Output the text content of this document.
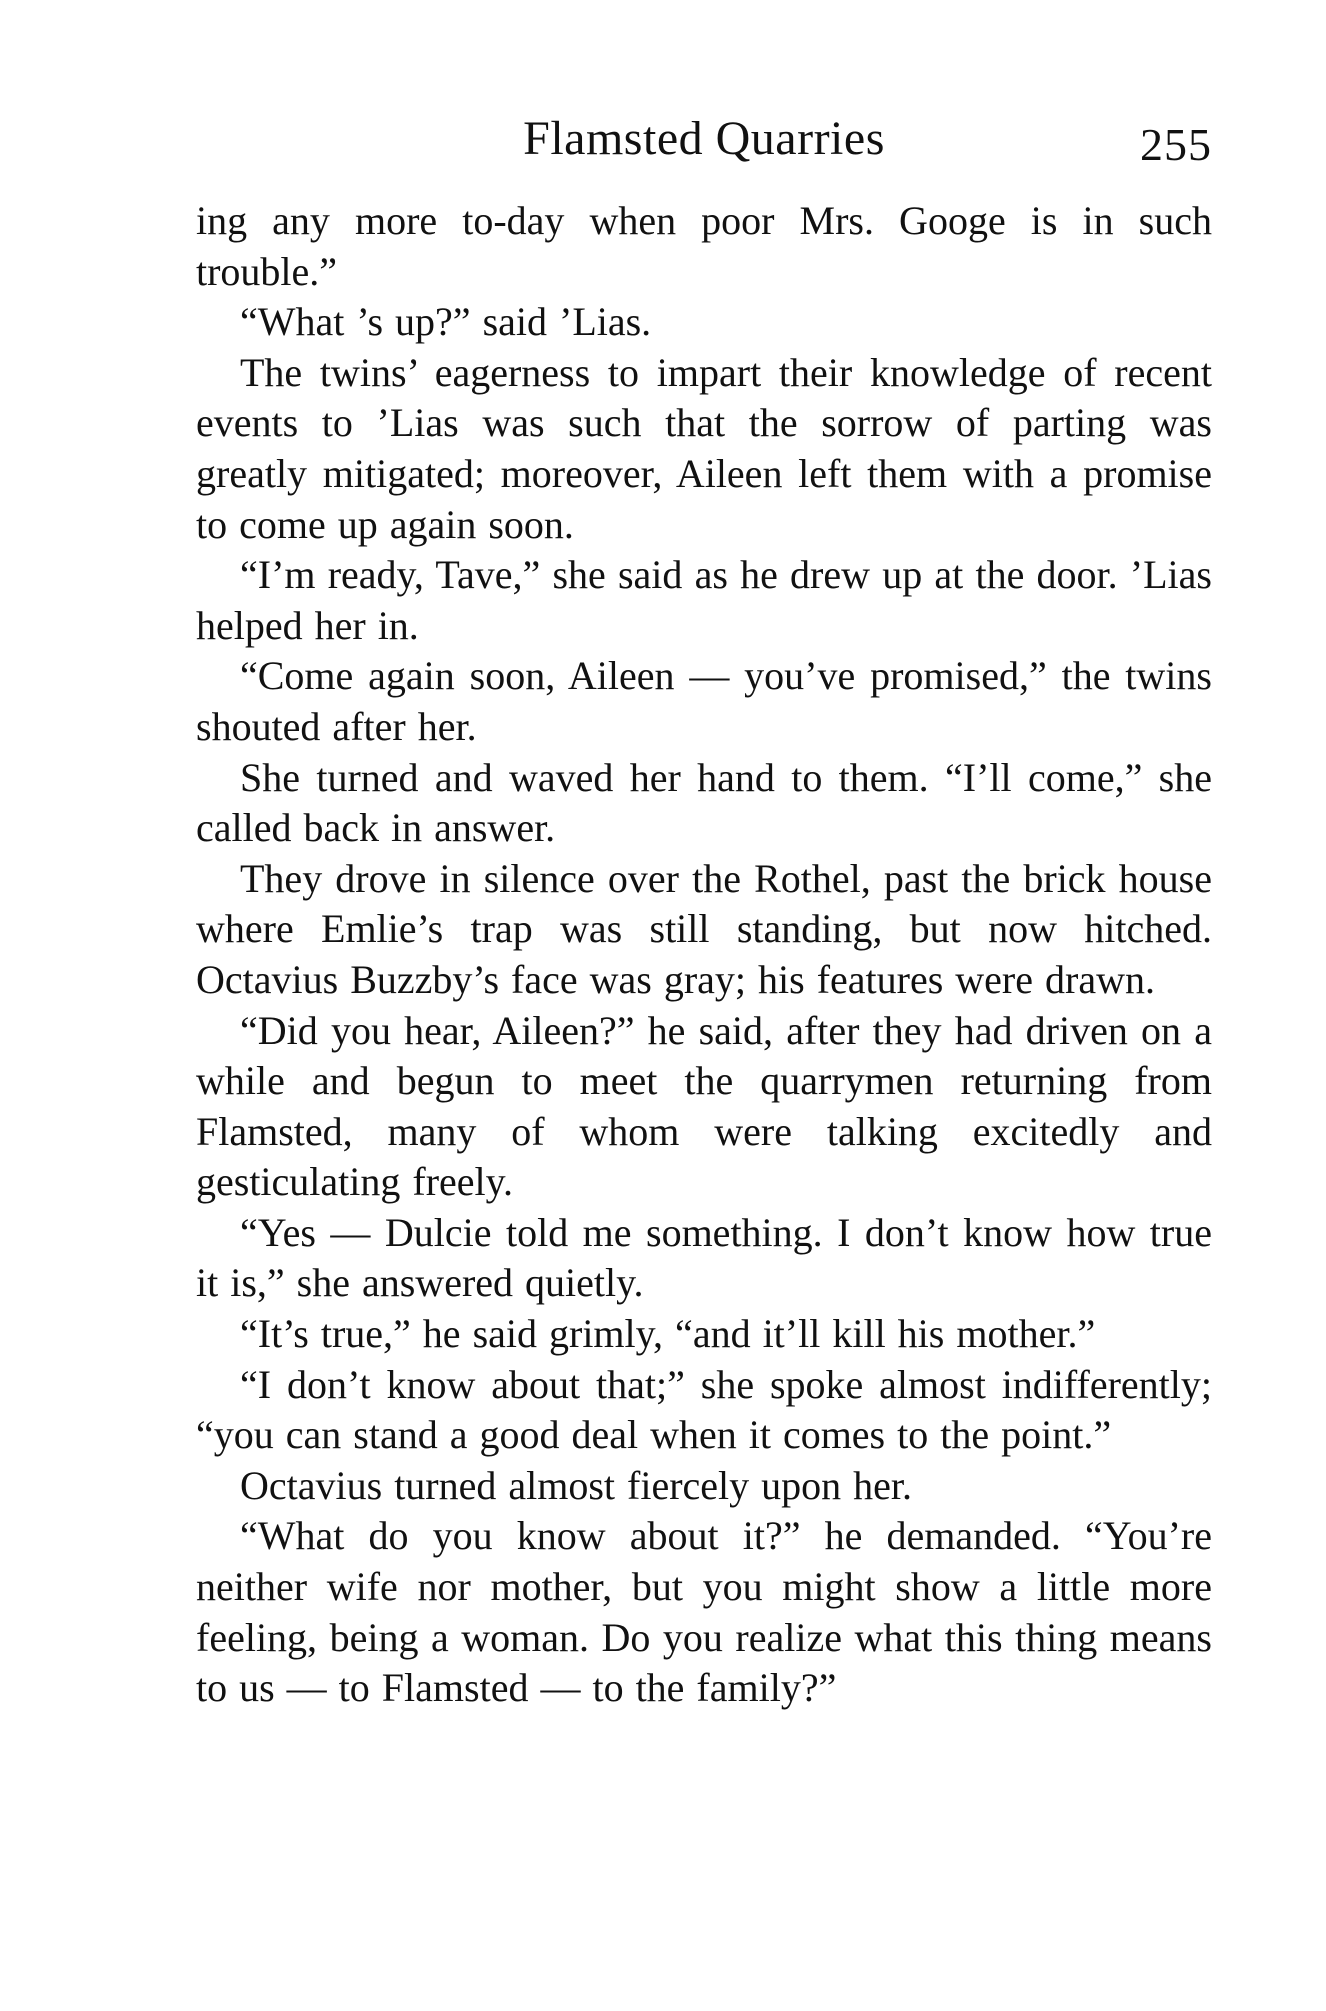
Flamsted Quarries	255

ing any more to-day when poor Mrs. Googe is in such trouble.”

“What ’s up?” said ’Lias.

The twins’ eagerness to impart their knowledge of recent events to ’Lias was such that the sorrow of parting was greatly mitigated; moreover, Aileen left them with a promise to come up again soon.

“I’m ready, Tave,” she said as he drew up at the door. ’Lias helped her in.

“Come again soon, Aileen — you’ve promised,” the twins shouted after her.

She turned and waved her hand to them. “I’ll come,” she called back in answer.

They drove in silence over the Rothel, past the brick house where Emlie’s trap was still standing, but now hitched. Octavius Buzzby’s face was gray; his features were drawn.

“Did you hear, Aileen?” he said, after they had driven on a while and begun to meet the quarrymen returning from Flamsted, many of whom were talking excitedly and gesticulating freely.

“Yes — Dulcie told me something. I don’t know how true it is,” she answered quietly.

“It’s true,” he said grimly, “and it’ll kill his mother.”

“I don’t know about that;” she spoke almost indifferently; “you can stand a good deal when it comes to the point.”

Octavius turned almost fiercely upon her.

“What do you know about it?” he demanded. “You’re neither wife nor mother, but you might show a little more feeling, being a woman. Do you realize what this thing means to us — to Flamsted — to the family?”
